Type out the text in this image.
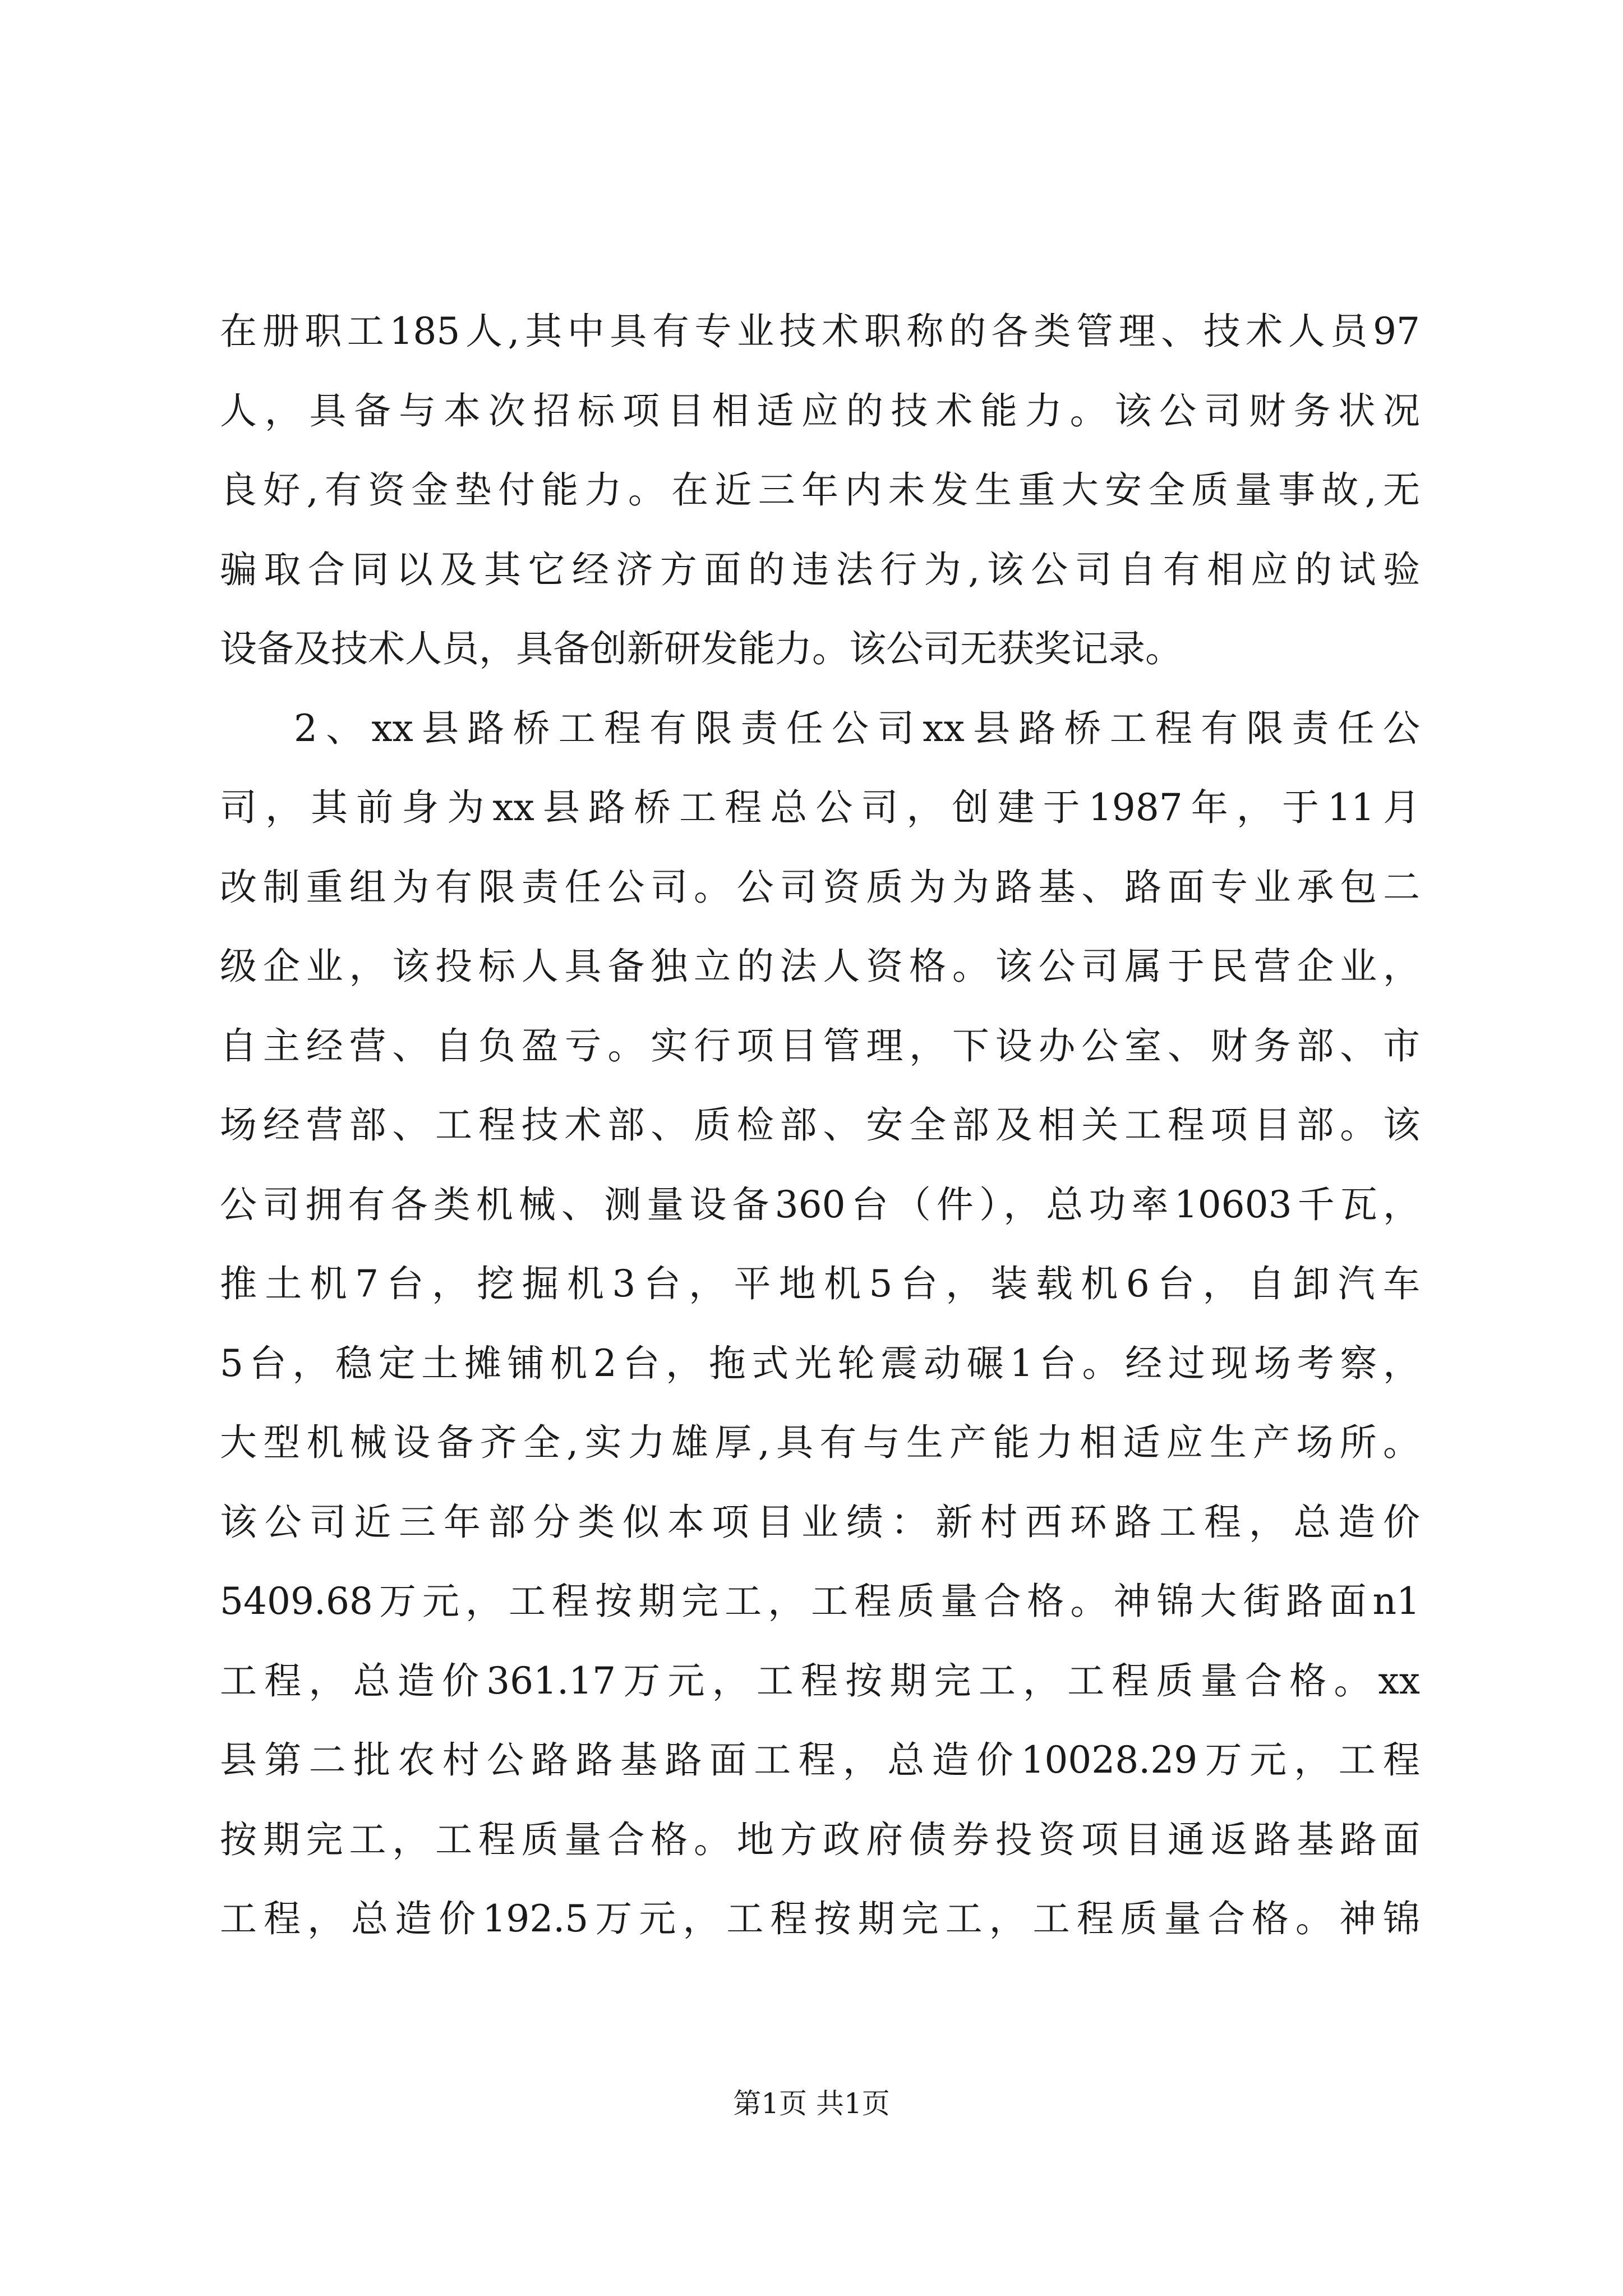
在册职工185人,其中具有专业技术职称的各类管理、技术人员97
人，具备与本次招标项目相适应的技术能力。该公司财务状况
良好,有资金垫付能力。在近三年内未发生重大安全质量事故,无
骗取合同以及其它经济方面的违法行为,该公司自有相应的试验
设备及技术人员，具备创新研发能力。该公司无获奖记录。
2、xx县路桥工程有限责任公司xx县路桥工程有限责任公
司，其前身为xx县路桥工程总公司，创建于1987年，于11月
改制重组为有限责任公司。公司资质为为路基、路面专业承包二
级企业，该投标人具备独立的法人资格。该公司属于民营企业，
自主经营、自负盈亏。实行项目管理，下设办公室、财务部、市
场经营部、工程技术部、质检部、安全部及相关工程项目部。该
公司拥有各类机械、测量设备360台（件），总功率10603千瓦，
推土机7台，挖掘机3台，平地机5台，装载机6台，自卸汽车
5台，稳定土摊铺机2台，拖式光轮震动碾1台。经过现场考察，
大型机械设备齐全,实力雄厚,具有与生产能力相适应生产场所。
该公司近三年部分类似本项目业绩：新村西环路工程，总造价
5409.68万元，工程按期完工，工程质量合格。神锦大街路面n1
工程，总造价361.17万元，工程按期完工，工程质量合格。xx
县第二批农村公路路基路面工程，总造价10028.29万元，工程
按期完工，工程质量合格。地方政府债券投资项目通返路基路面
工程，总造价192.5万元，工程按期完工，工程质量合格。神锦
第1页 共1页
